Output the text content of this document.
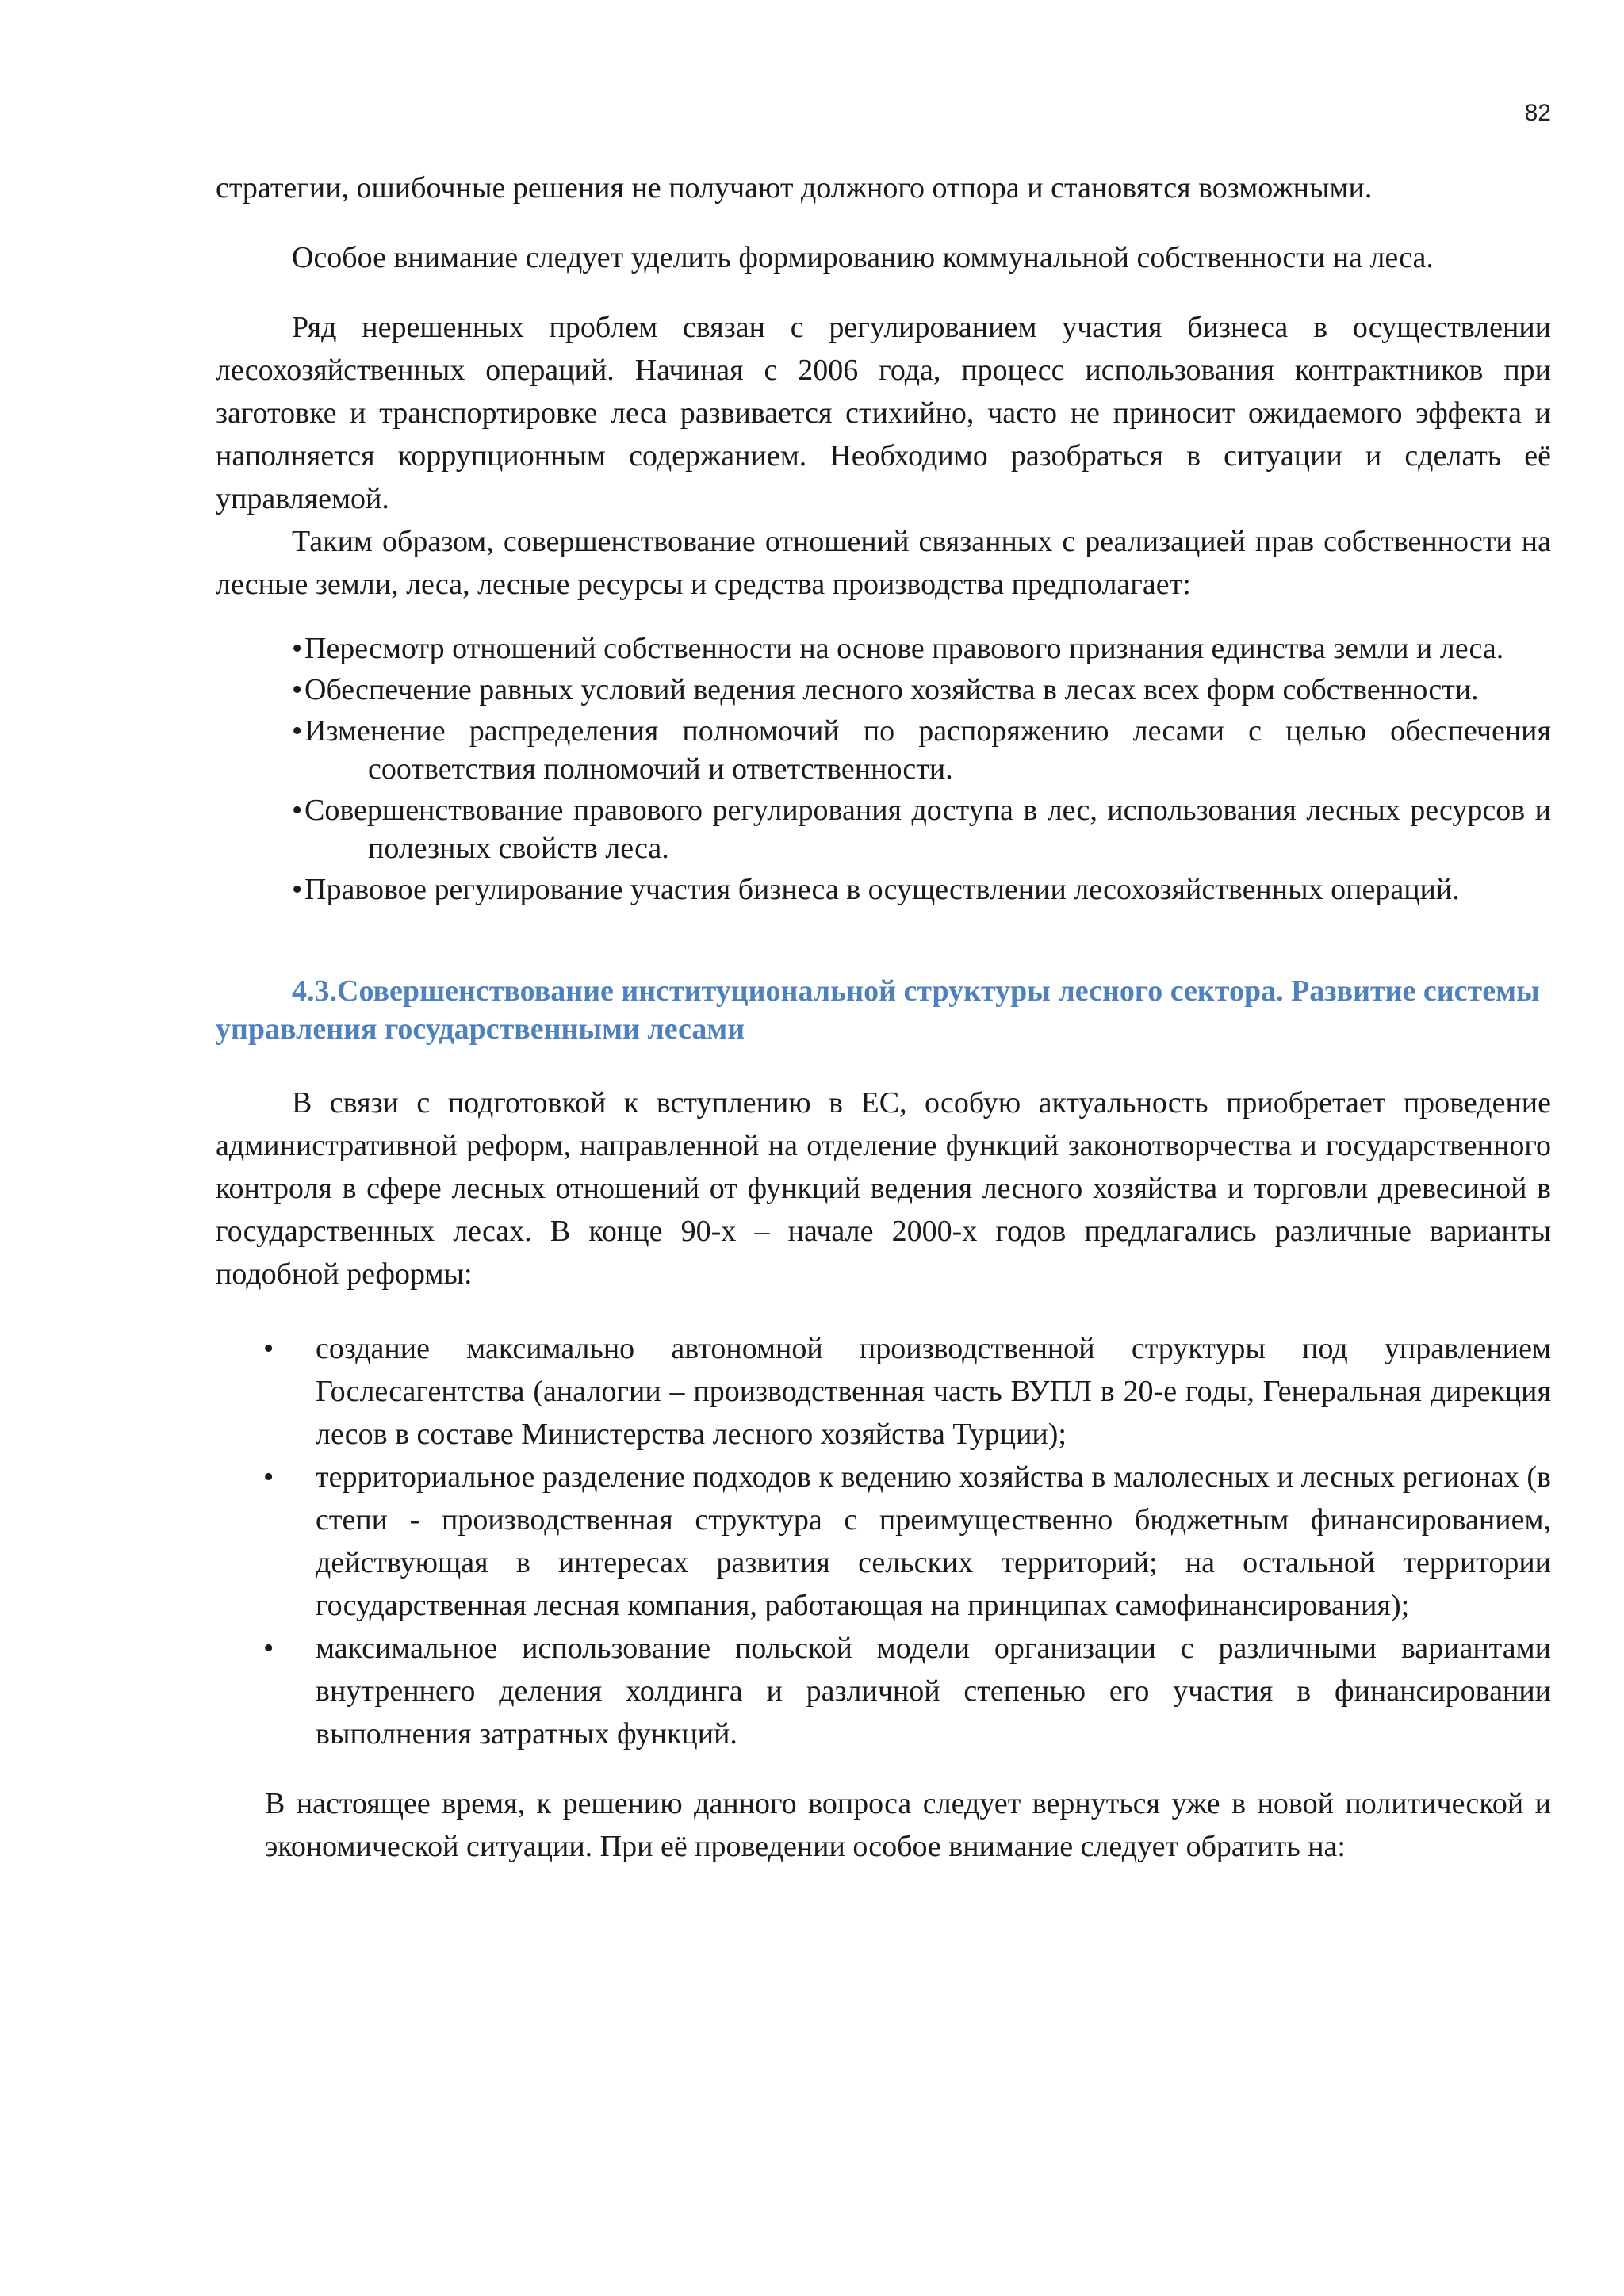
82

стратегии, ошибочные решения не получают должного отпора и становятся возможными.

Особое внимание следует уделить формированию коммунальной собственности на леса.

Ряд нерешенных проблем связан с регулированием участия бизнеса в осуществлении лесохозяйственных операций. Начиная с 2006 года, процесс использования контрактников при заготовке и транспортировке леса развивается стихийно, часто не приносит ожидаемого эффекта и наполняется коррупционным содержанием. Необходимо разобраться в ситуации и сделать её управляемой.

Таким образом, совершенствование отношений связанных с реализацией прав собственности на лесные земли, леса, лесные ресурсы и средства производства предполагает:

• Пересмотр отношений собственности на основе правового признания единства земли и леса.
• Обеспечение равных условий ведения лесного хозяйства в лесах всех форм собственности.
• Изменение распределения полномочий по распоряжению лесами с целью обеспечения соответствия полномочий и ответственности.
• Совершенствование правового регулирования доступа в лес, использования лесных ресурсов и полезных свойств леса.
• Правовое регулирование участия бизнеса в осуществлении лесохозяйственных операций.
4.3.Совершенствование институциональной структуры лесного сектора. Развитие системы управления государственными лесами

В связи с подготовкой к вступлению в ЕС, особую актуальность приобретает проведение административной реформ, направленной на отделение функций законотворчества и государственного контроля в сфере лесных отношений от функций ведения лесного хозяйства и торговли древесиной в государственных лесах. В конце 90-х – начале 2000-х годов предлагались различные варианты подобной реформы:

• создание максимально автономной производственной структуры под управлением Гослесагентства (аналогии – производственная часть ВУПЛ в 20-е годы, Генеральная дирекция лесов в составе Министерства лесного хозяйства Турции);
• территориальное разделение подходов к ведению хозяйства в малолесных и лесных регионах (в степи - производственная структура с преимущественно бюджетным финансированием, действующая в интересах развития сельских территорий; на остальной территории государственная лесная компания, работающая на принципах самофинансирования);
• максимальное использование польской модели организации с различными вариантами внутреннего деления холдинга и различной степенью его участия в финансировании выполнения затратных функций.

В настоящее время, к решению данного вопроса следует вернуться уже в новой политической и экономической ситуации. При её проведении особое внимание следует обратить на:
